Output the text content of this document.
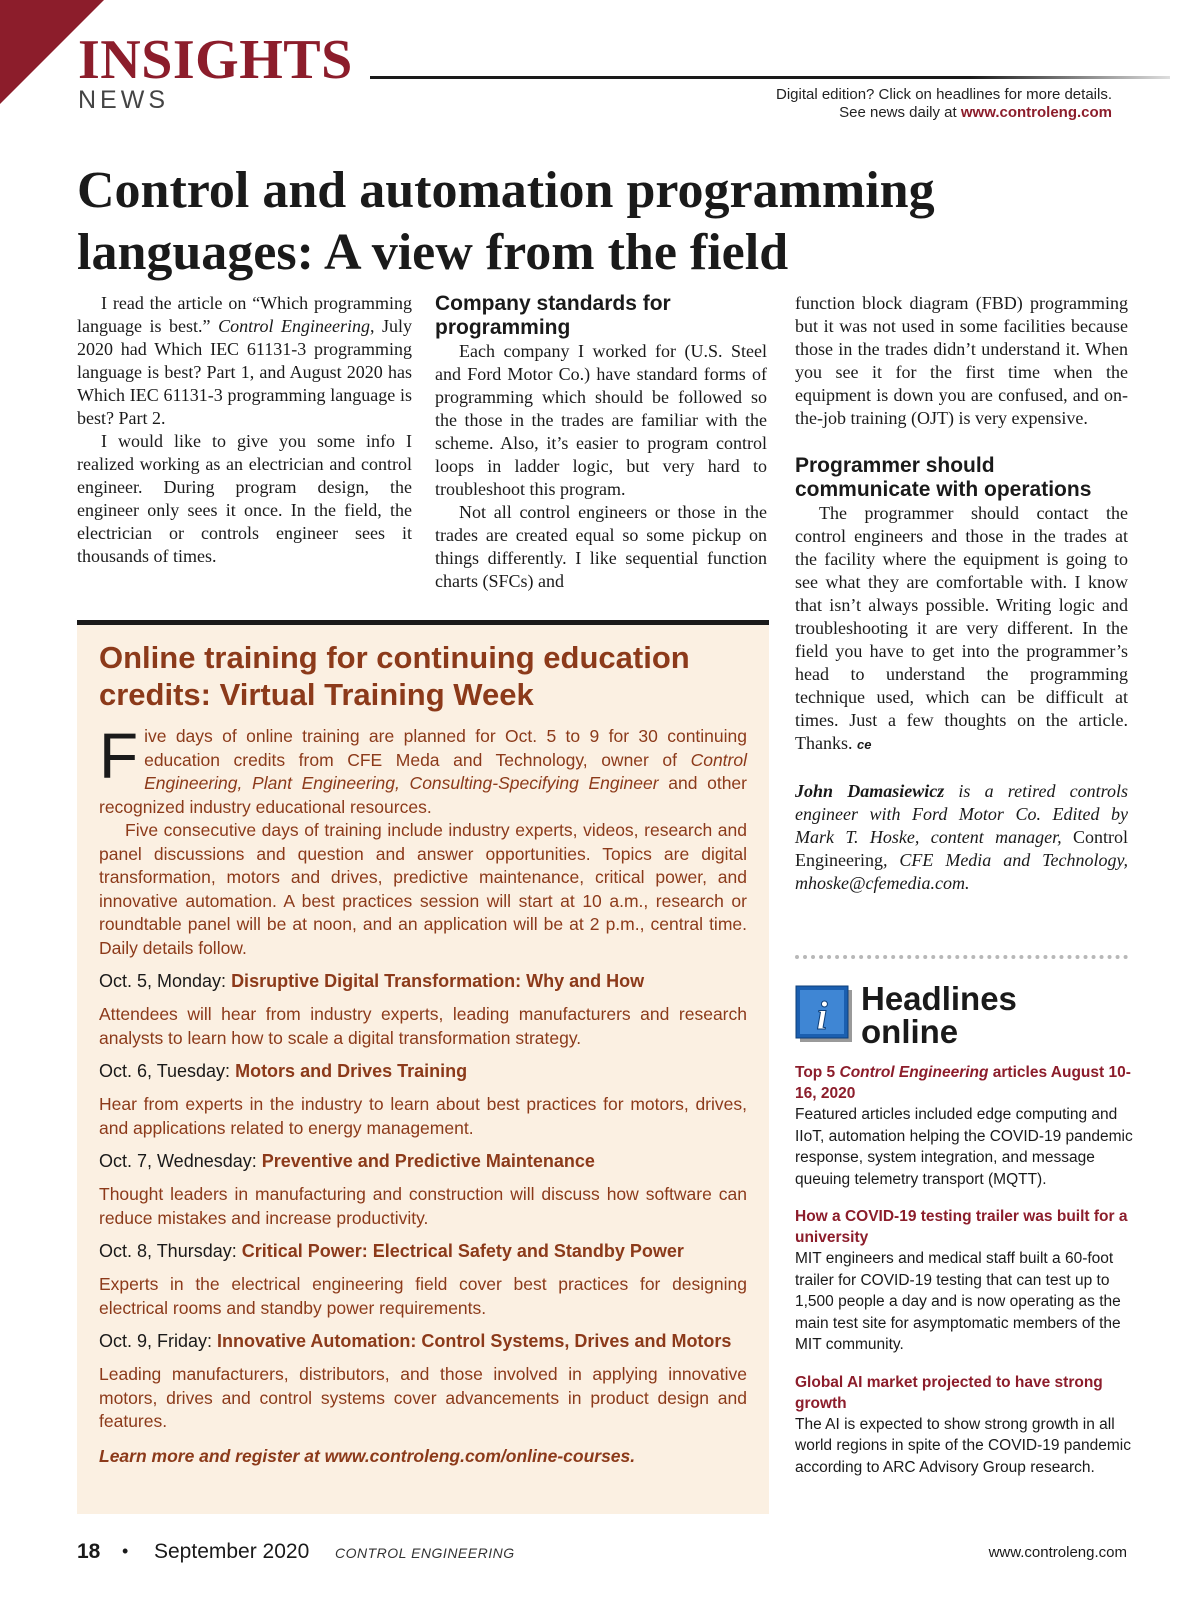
INSIGHTS
NEWS	Digital edition? Click on headlines for more details.
See news daily at www.controleng.com
Control and automation programming
languages: A view from the field

I read the article on “Which programming language is best.” Control Engineering, July 2020 had Which IEC 61131-3 programming language is best? Part 1, and August 2020 has Which IEC 61131-3 programming language is best? Part 2.

I would like to give you some info I realized working as an electrician and control engineer. During program design, the engineer only sees it once. In the field, the electrician or controls engineer sees it thousands of times.

Company standards for programming

Each company I worked for (U.S. Steel and Ford Motor Co.) have standard forms of programming which should be followed so the those in the trades are familiar with the scheme. Also, it’s easier to program control loops in ladder logic, but very hard to troubleshoot this program.

Not all control engineers or those in the trades are created equal so some pickup on things differently. I like sequential function charts (SFCs) and

function block diagram (FBD) programming but it was not used in some facilities because those in the trades didn’t understand it. When you see it for the first time when the equipment is down you are confused, and on-the-job training (OJT) is very expensive.

Programmer should communicate with operations

The programmer should contact the control engineers and those in the trades at the facility where the equipment is going to see what they are comfortable with. I know that isn’t always possible. Writing logic and troubleshooting it are very different. In the field you have to get into the programmer’s head to understand the programming technique used, which can be difficult at times. Just a few thoughts on the article. Thanks. ce

John Damasiewicz is a retired controls engineer with Ford Motor Co. Edited by Mark T. Hoske, content manager, Control Engineering, CFE Media and Technology, mhoske@cfemedia.com.

Online training for continuing education credits: Virtual Training Week

Five days of online training are planned for Oct. 5 to 9 for 30 continuing education credits from CFE Meda and Technology, owner of Control Engineering, Plant Engineering, Consulting-Specifying Engineer and other recognized industry educational resources.

Five consecutive days of training include industry experts, videos, research and panel discussions and question and answer opportunities. Topics are digital transformation, motors and drives, predictive maintenance, critical power, and innovative automation. A best practices session will start at 10 a.m., research or roundtable panel will be at noon, and an application will be at 2 p.m., central time. Daily details follow.

Oct. 5, Monday: Disruptive Digital Transformation: Why and How
Attendees will hear from industry experts, leading manufacturers and research analysts to learn how to scale a digital transformation strategy.
Oct. 6, Tuesday: Motors and Drives Training
Hear from experts in the industry to learn about best practices for motors, drives, and applications related to energy management.
Oct. 7, Wednesday: Preventive and Predictive Maintenance
Thought leaders in manufacturing and construction will discuss how software can reduce mistakes and increase productivity.
Oct. 8, Thursday: Critical Power: Electrical Safety and Standby Power
Experts in the electrical engineering field cover best practices for designing electrical rooms and standby power requirements.
Oct. 9, Friday: Innovative Automation: Control Systems, Drives and Motors
Leading manufacturers, distributors, and those involved in applying innovative motors, drives and control systems cover advancements in product design and features.
Learn more and register at www.controleng.com/online-courses.
i Headlines
online
Top 5 Control Engineering articles August 10-16, 2020
Featured articles included edge computing and IIoT, automation helping the COVID-19 pandemic response, system integration, and message queuing telemetry transport (MQTT).
How a COVID-19 testing trailer was built for a university
MIT engineers and medical staff built a 60-foot trailer for COVID-19 testing that can test up to 1,500 people a day and is now operating as the main test site for asymptomatic members of the MIT community.
Global AI market projected to have strong growth
The AI is expected to show strong growth in all world regions in spite of the COVID-19 pandemic according to ARC Advisory Group research.
18 • September 2020 CONTROL ENGINEERING	www.controleng.com
